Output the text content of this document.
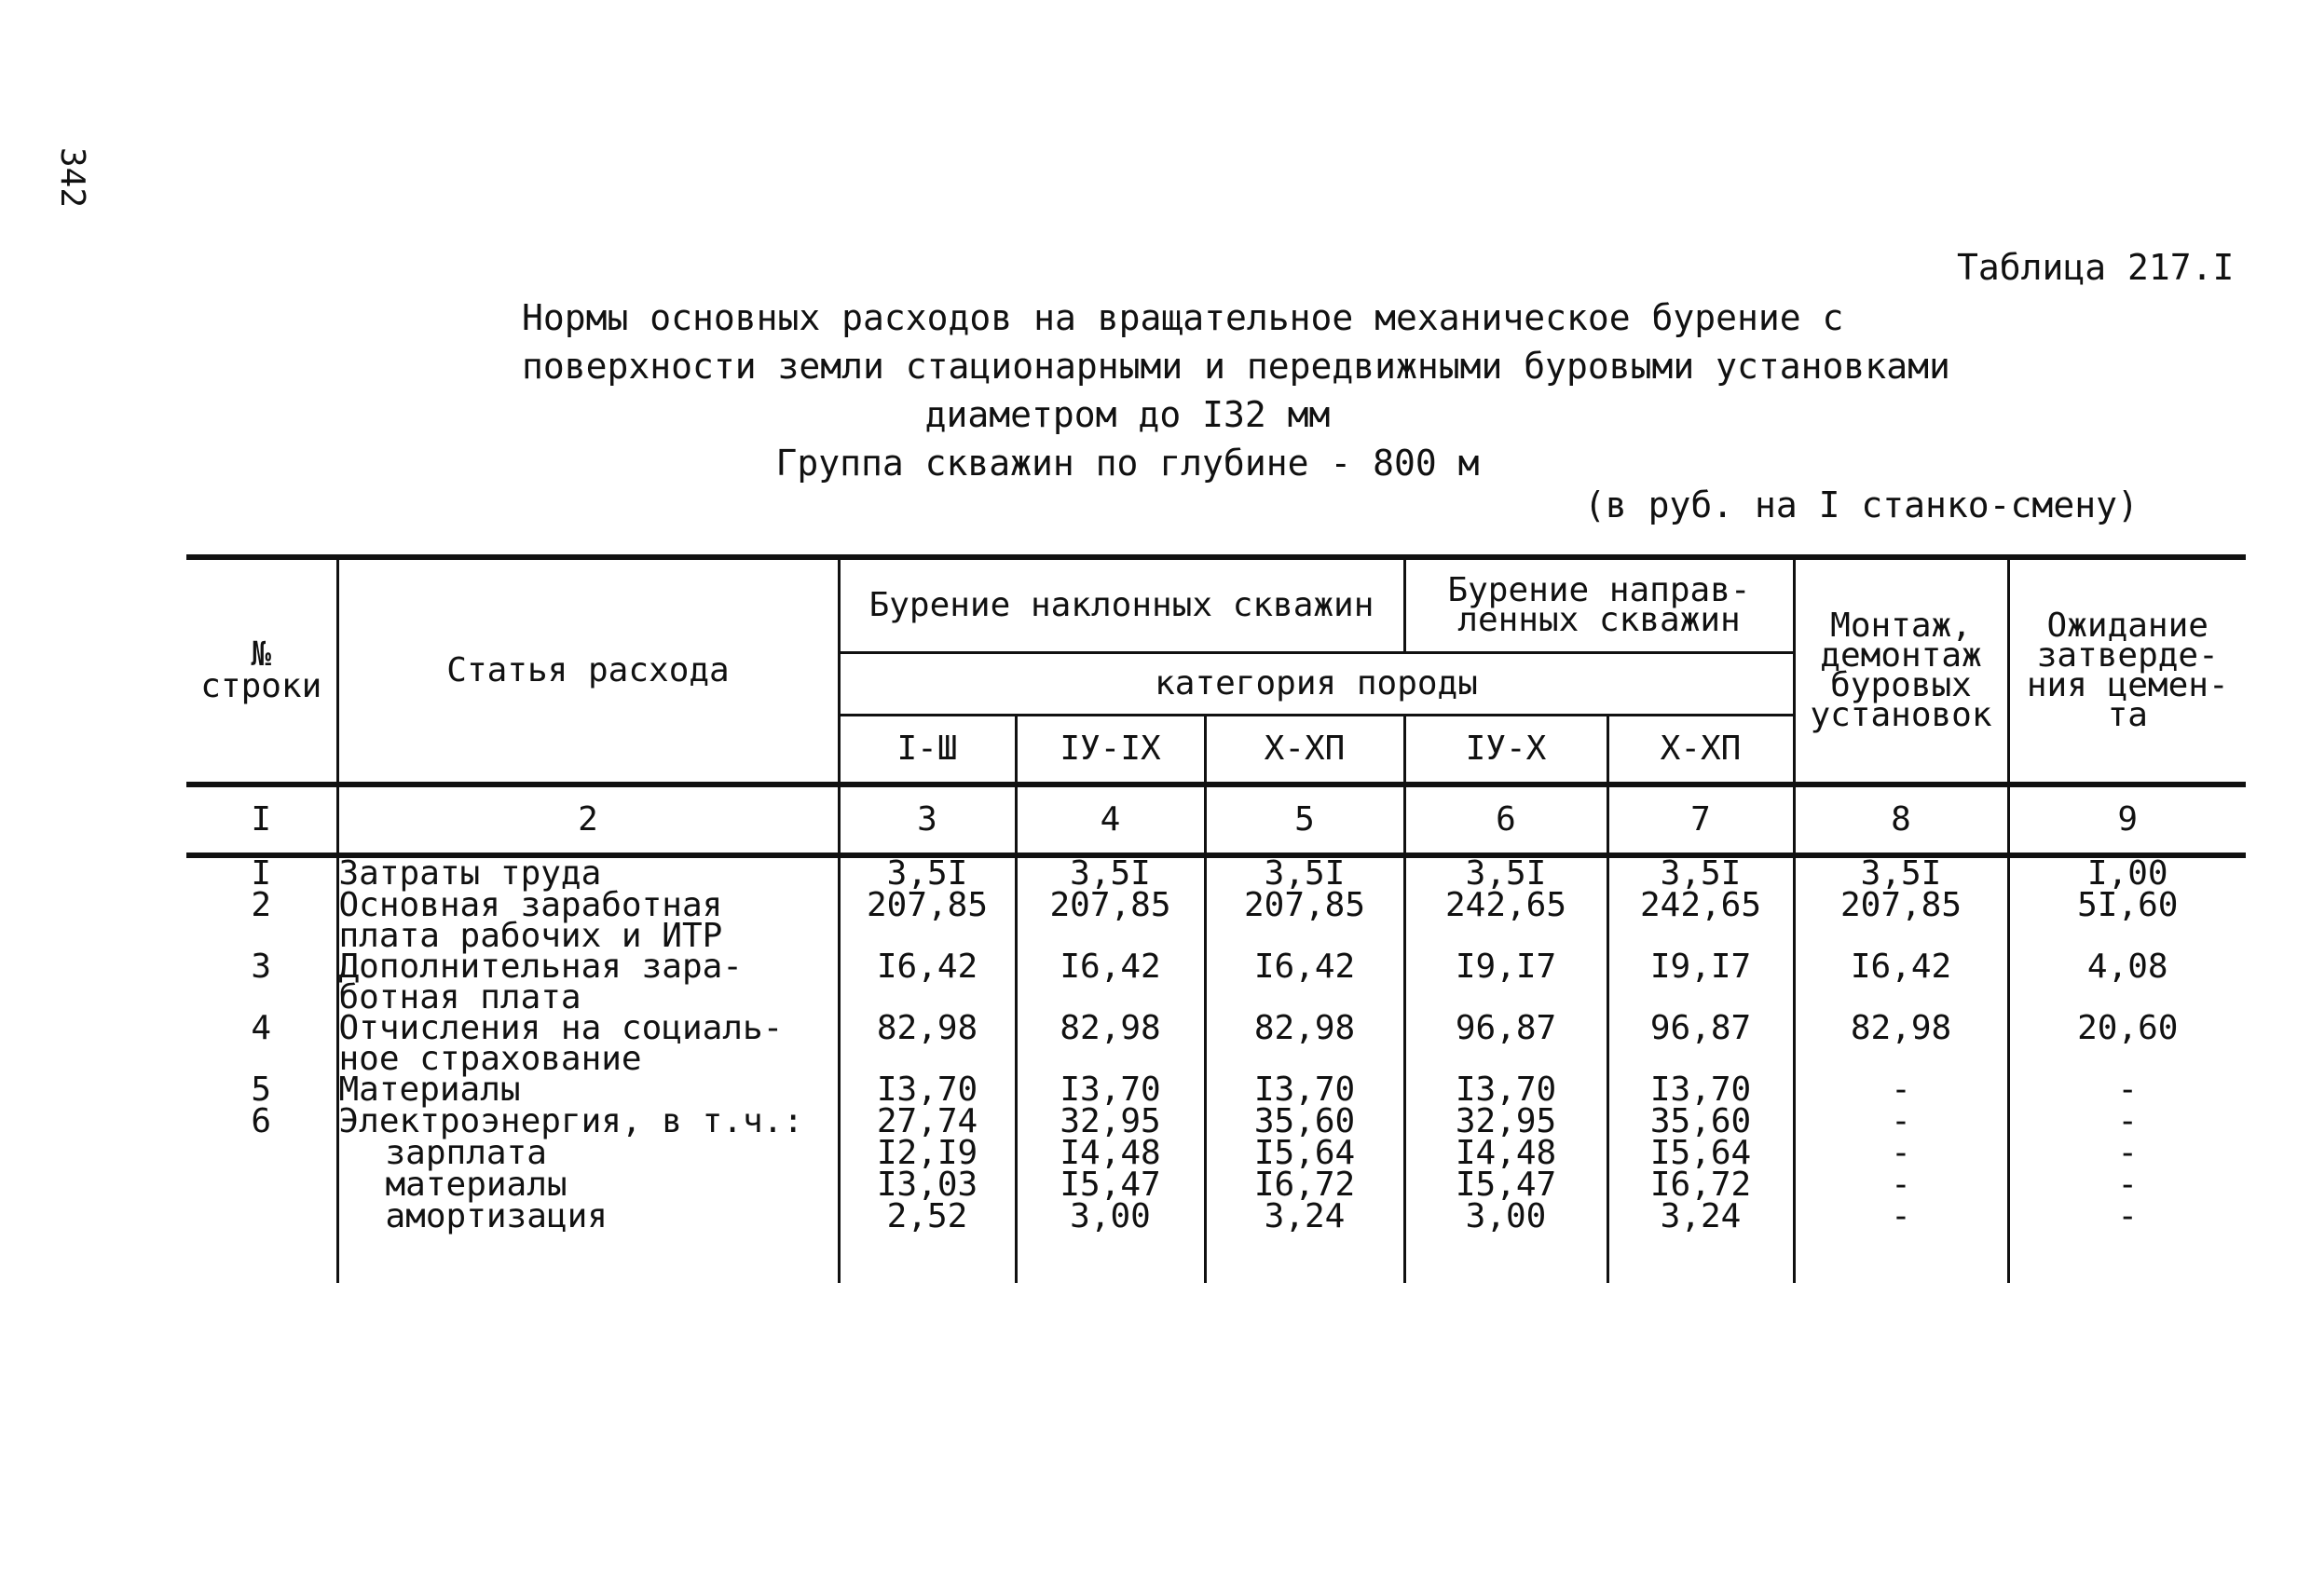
342
Таблица 217.I
Нормы основных расходов на вращательное механическое бурение с
поверхности земли стационарными и передвижными буровыми установками
диаметром до I32 мм
Группа скважин по глубине - 800 м
(в руб. на I станко-смену)
№ строки	Статья расхода	Бурение наклонных скважин			Бурение направ- ленных скважин		Монтаж, демонтаж буровых установок	Ожидание затверде- ния цемен- та
		категория породы						
		I-Ш	IУ-IX	X-XП	IУ-X	X-XП		
I	2	3	4	5	6	7	8	9
I	Затраты труда	3,5I	3,5I	3,5I	3,5I	3,5I	3,5I	I,00
2	Основная заработная плата рабочих и ИТР	207,85	207,85	207,85	242,65	242,65	207,85	5I,60
3	Дополнительная зара- ботная плата	I6,42	I6,42	I6,42	I9,I7	I9,I7	I6,42	4,08
4	Отчисления на социаль- ное страхование	82,98	82,98	82,98	96,87	96,87	82,98	20,60
5	Материалы	I3,70	I3,70	I3,70	I3,70	I3,70	-	-
6	Электроэнергия, в т.ч.:	27,74	32,95	35,60	32,95	35,60	-	-
	зарплата	I2,I9	I4,48	I5,64	I4,48	I5,64	-	-
	материалы	I3,03	I5,47	I6,72	I5,47	I6,72	-	-
	амортизация	2,52	3,00	3,24	3,00	3,24	-	-
